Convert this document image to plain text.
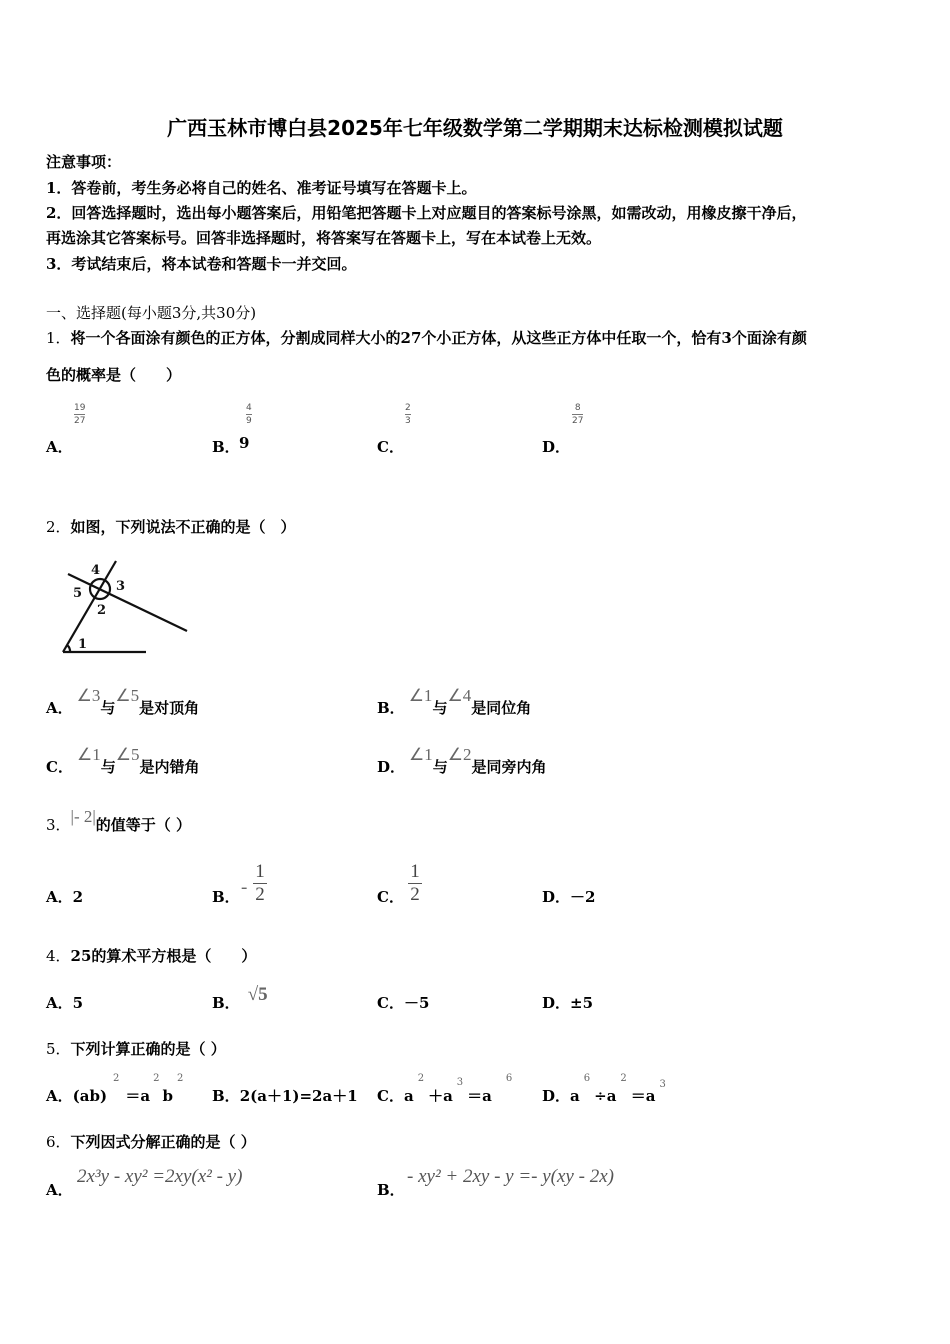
广西玉林市博白县2025年七年级数学第二学期期末达标检测模拟试题
注意事项：
1．答卷前，考生务必将自己的姓名、准考证号填写在答题卡上。
2．回答选择题时，选出每小题答案后，用铅笔把答题卡上对应题目的答案标号涂黑，如需改动，用橡皮擦干净后，
再选涂其它答案标号。回答非选择题时，将答案写在答题卡上，写在本试卷上无效。
3．考试结束后，将本试卷和答题卡一并交回。
一、选择题(每小题3分,共30分)
1．将一个各面涂有颜色的正方体，分割成同样大小的27个小正方体，从这些正方体中任取一个，恰有3个面涂有颜
色的概率是（　　）
A．
19
27
B． 9
4
9
C．
2
3
D．
8
27
2．如图，下列说法不正确的是（　）
4
3
5
2
1
A．∠3与∠5是对顶角	B．∠1与∠4是同位角
C．∠1与∠5是内错角	D．∠1与∠2是同旁内角
3．|- 2|的值等于（ ）
A．2	B． -
1
2	C．
1
2	D．－2
4．25的算术平方根是（　　）
A．5	B． √5	C．－5	D．±5
5．下列计算正确的是（ ）
A．$(ab)^2=a^2b^2$
B．2(a＋1)=2a＋1 C．$a^2+a^3=a^6$
D．$a^6\div a^2=a^3$
6．下列因式分解正确的是（ ）
A．
2x³y - xy² =2xy(x² - y)
B．
- xy² + 2xy - y =- y(xy - 2x)
